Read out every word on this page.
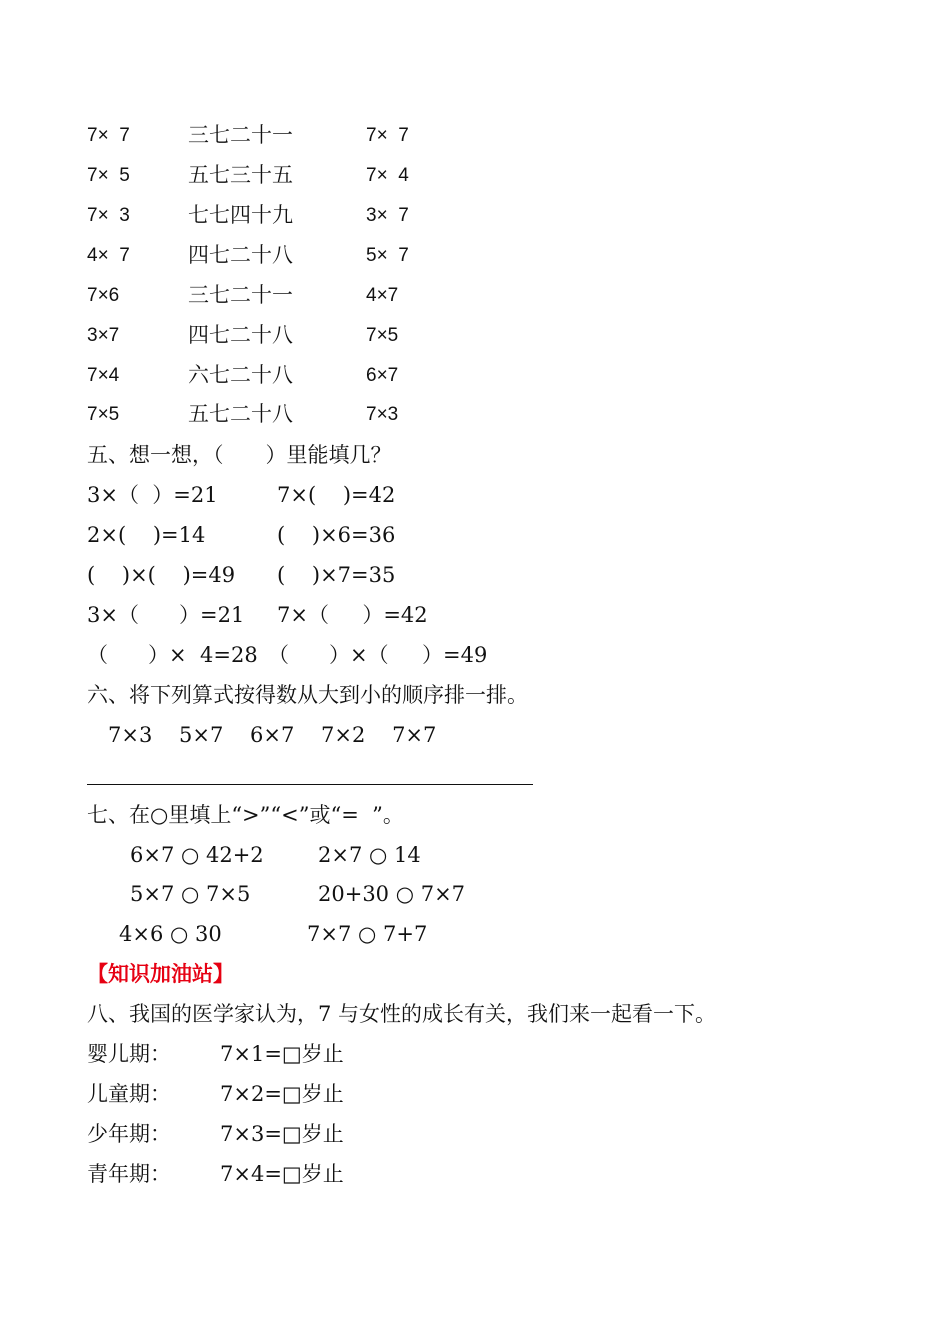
7×  7	三七二十一	7×  7
7×  5	五七三十五	7×  4
7×  3	七七四十九	3×  7
4×  7	四七二十八	5×  7
7×6	三七二十一	4×7
3×7	四七二十八	7×5
7×4	六七二十八	6×7
7×5	五七二十八	7×3
五、想一想，（　　）里能填几？
3×（  ）=21	7×(    )=42
2×(    )=14	(    )×6=36
(    )×(    )=49 (    )×7=35
3×（      ）=21 7×（     ）=42
（      ）×  4=28 （      ）×（     ）=49
六、将下列算式按得数从大到小的顺序排一排。
7×3    5×7    6×7    7×2    7×7
七、在○里填上“>”“<”或“=  ”。
6×7 ○ 42+2	2×7 ○ 14
5×7 ○ 7×5	20+30 ○ 7×7
4×6 ○ 30	7×7 ○ 7+7
【知识加油站】
八、我国的医学家认为，7 与女性的成长有关，我们来一起看一下。
婴儿期： 7×1=□岁止
儿童期： 7×2=□岁止
少年期： 7×3=□岁止
青年期： 7×4=□岁止
